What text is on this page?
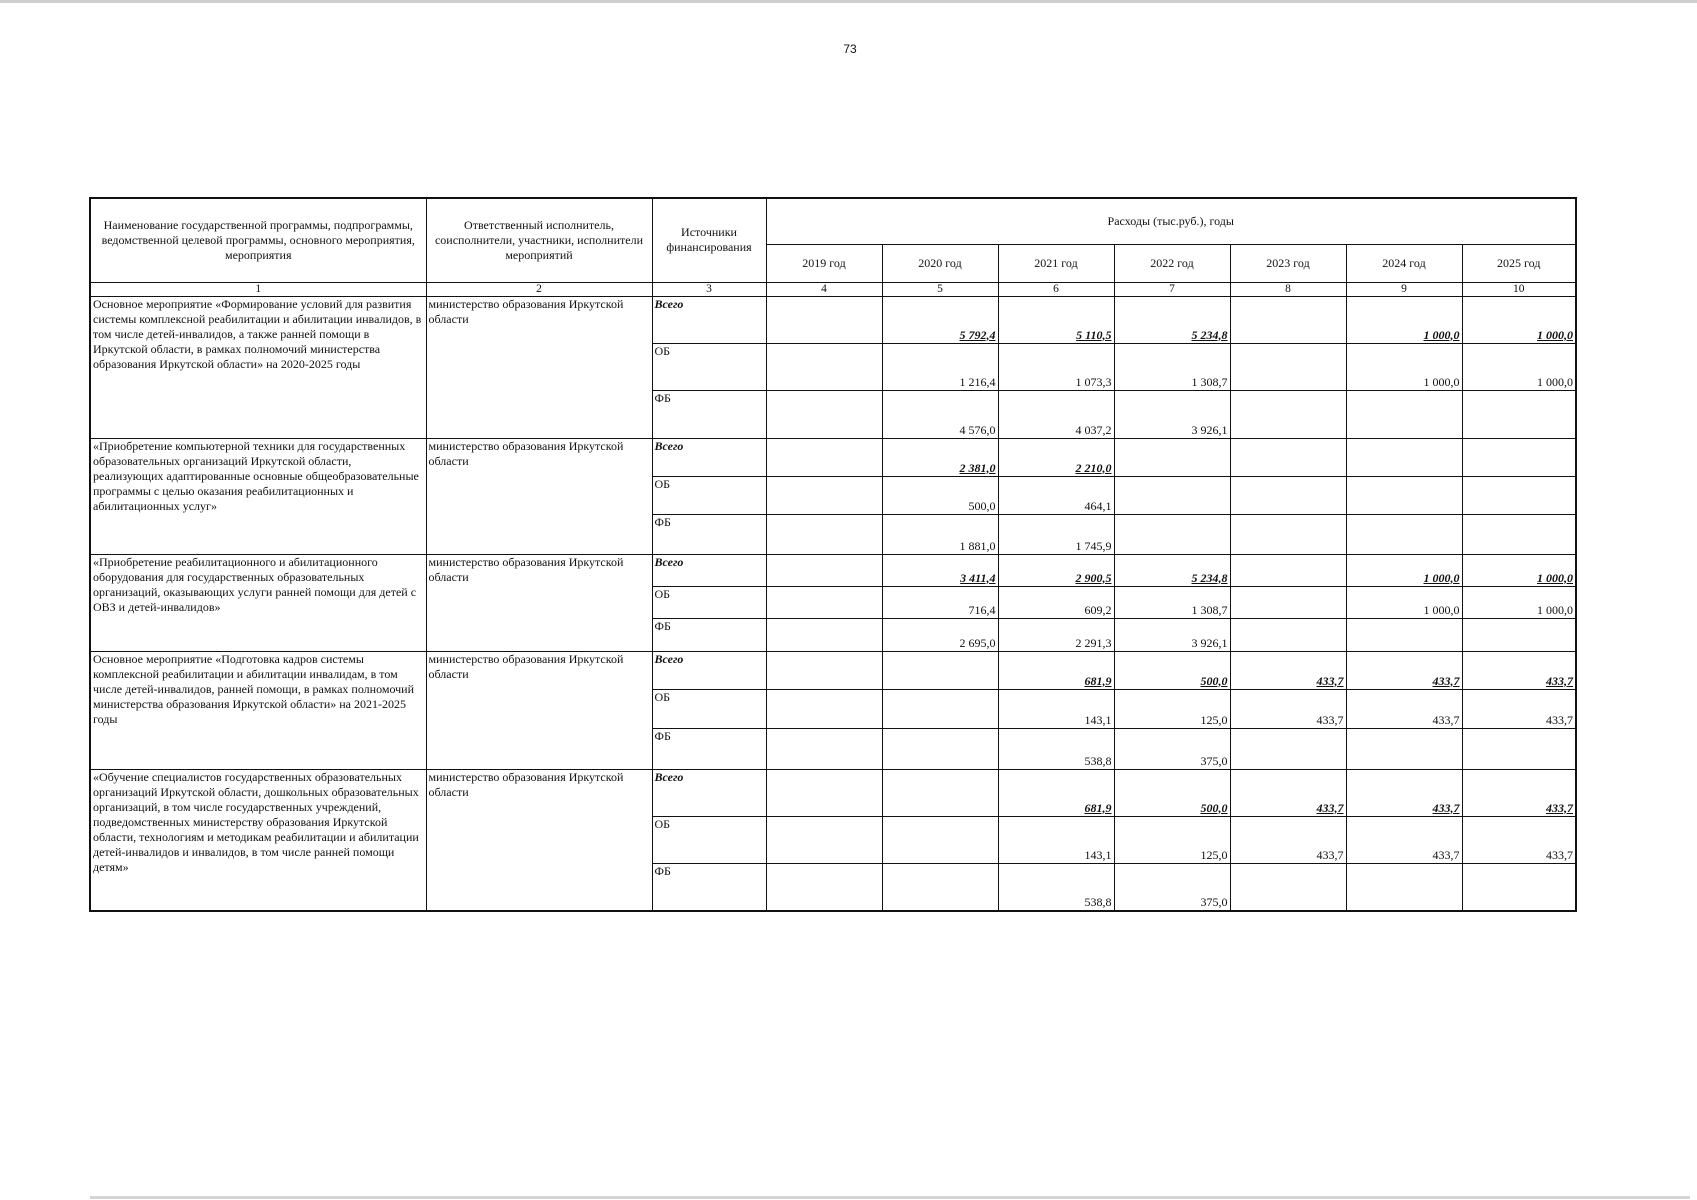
73
Наименование государственной программы, подпрограммы, ведомственной целевой программы, основного мероприятия, мероприятия	Ответственный исполнитель, соисполнители, участники, исполнители мероприятий	Источники финансирования	Расходы (тыс.руб.), годы						
			2019 год	2020 год	2021 год	2022 год	2023 год	2024 год	2025 год
1	2	3	4	5	6	7	8	9	10
Основное мероприятие «Формирование условий для развития системы комплексной реабилитации и абилитации инвалидов, в том числе детей-инвалидов, а также ранней помощи в Иркутской области, в рамках полномочий министерства образования Иркутской области» на 2020-2025 годы	министерство образования Иркутской области	Всего		5 792,4	5 110,5	5 234,8		1 000,0	1 000,0
		ОБ		1 216,4	1 073,3	1 308,7		1 000,0	1 000,0
		ФБ		4 576,0	4 037,2	3 926,1			
«Приобретение компьютерной техники для государственных образовательных организаций Иркутской области, реализующих адаптированные основные общеобразовательные программы с целью оказания реабилитационных и абилитационных услуг»	министерство образования Иркутской области	Всего		2 381,0	2 210,0				
		ОБ		500,0	464,1				
		ФБ		1 881,0	1 745,9				
«Приобретение реабилитационного и абилитационного оборудования для государственных образовательных организаций, оказывающих услуги ранней помощи для детей с ОВЗ и детей-инвалидов»	министерство образования Иркутской области	Всего		3 411,4	2 900,5	5 234,8		1 000,0	1 000,0
		ОБ		716,4	609,2	1 308,7		1 000,0	1 000,0
		ФБ		2 695,0	2 291,3	3 926,1			
Основное мероприятие «Подготовка кадров системы комплексной реабилитации и абилитации инвалидам, в том числе детей-инвалидов, ранней помощи, в рамках полномочий министерства образования Иркутской области» на 2021-2025 годы	министерство образования Иркутской области	Всего			681,9	500,0	433,7	433,7	433,7
		ОБ			143,1	125,0	433,7	433,7	433,7
		ФБ			538,8	375,0			
«Обучение специалистов государственных образовательных организаций Иркутской области, дошкольных образовательных организаций, в том числе государственных учреждений, подведомственных министерству образования Иркутской области, технологиям и методикам реабилитации и абилитации детей-инвалидов и инвалидов, в том числе ранней помощи детям»	министерство образования Иркутской области	Всего			681,9	500,0	433,7	433,7	433,7
		ОБ			143,1	125,0	433,7	433,7	433,7
		ФБ			538,8	375,0			
